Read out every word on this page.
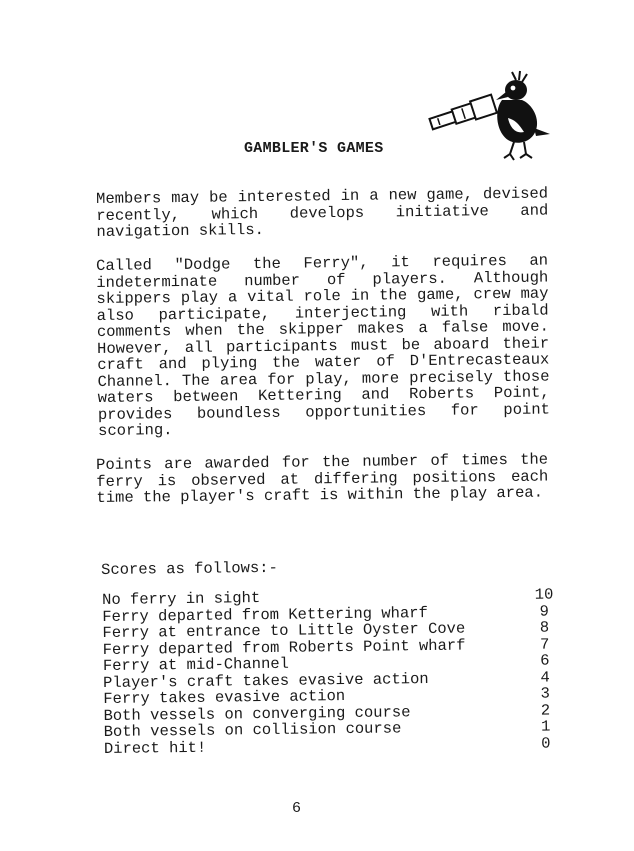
GAMBLER'S GAMES
Members may be interested in a new game, devised recently, which develops initiative and navigation skills.
Called "Dodge the Ferry", it requires an indeterminate number of players. Although skippers play a vital role in the game, crew may also participate, interjecting with ribald comments when the skipper makes a false move. However, all participants must be aboard their craft and plying the water of D'Entrecasteaux Channel. The area for play, more precisely those waters between Kettering and Roberts Point, provides boundless opportunities for point scoring.
Points are awarded for the number of times the ferry is observed at differing positions each time the player's craft is within the play area.
Scores as follows:-
No ferry in sight	10
Ferry departed from Kettering wharf	9
Ferry at entrance to Little Oyster Cove	8
Ferry departed from Roberts Point wharf	7
Ferry at mid-Channel	6
Player's craft takes evasive action	4
Ferry takes evasive action	3
Both vessels on converging course	2
Both vessels on collision course	1
Direct hit!	0
6
